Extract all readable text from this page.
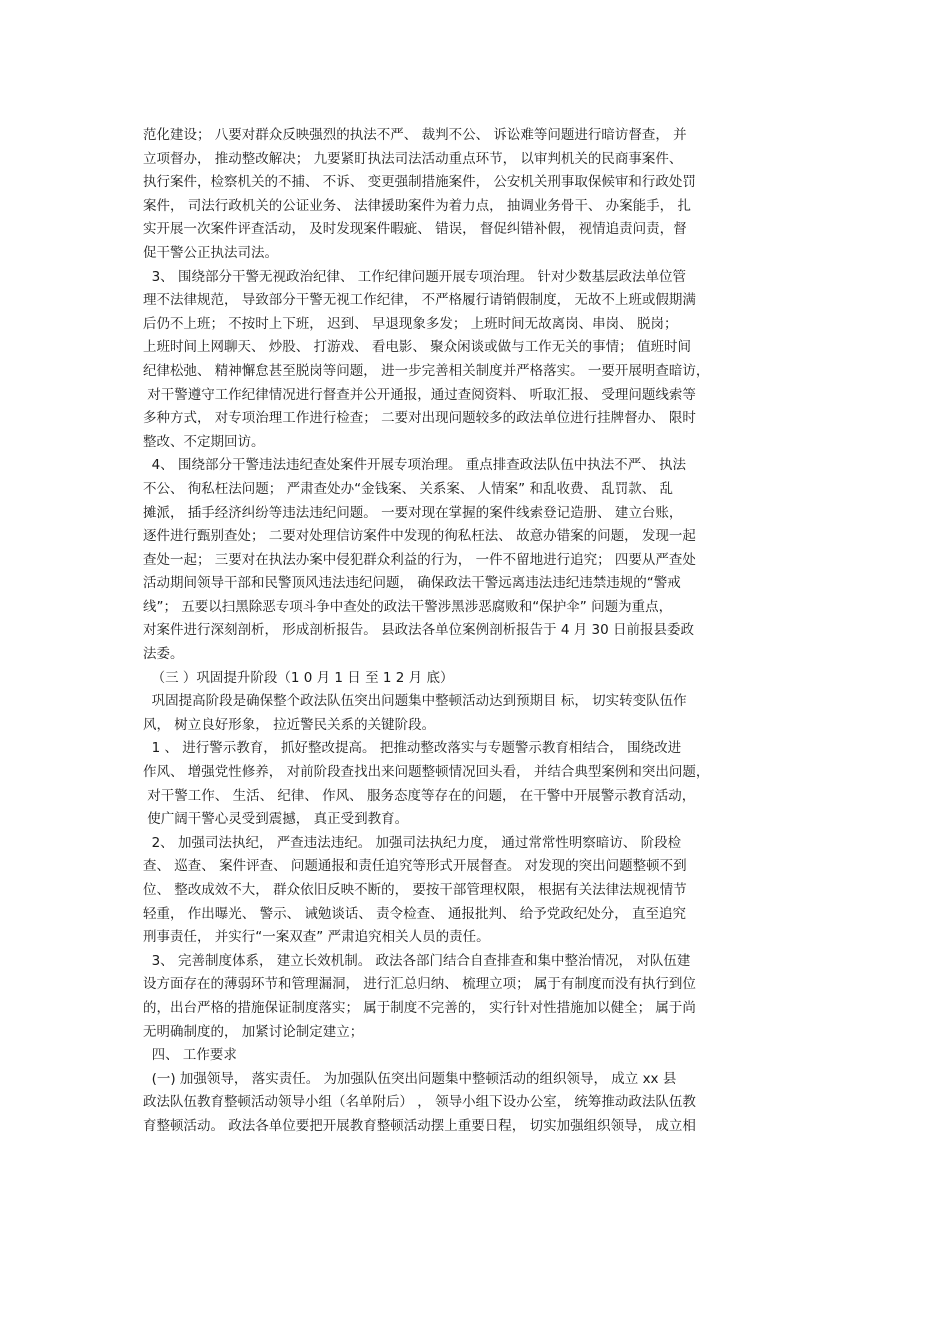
范化建设； 八要对群众反映强烈的执法不严、 裁判不公、 诉讼难等问题进行暗访督查， 并
立项督办， 推动整改解决； 九要紧盯执法司法活动重点环节， 以审判机关的民商事案件、
执行案件，检察机关的不捕、 不诉、 变更强制措施案件， 公安机关刑事取保候审和行政处罚
案件， 司法行政机关的公证业务、 法律援助案件为着力点， 抽调业务骨干、 办案能手， 扎
实开展一次案件评查活动， 及时发现案件暇疵、 错误， 督促纠错补假， 视情追责问责，督
促干警公正执法司法。
3、 围绕部分干警无视政治纪律、 工作纪律问题开展专项治理。 针对少数基层政法单位管
理不法律规范， 导致部分干警无视工作纪律， 不严格履行请销假制度， 无故不上班或假期满
后仍不上班； 不按时上下班， 迟到、 早退现象多发； 上班时间无故离岗、串岗、 脱岗；
上班时间上网聊天、 炒股、 打游戏、 看电影、 聚众闲谈或做与工作无关的事情； 值班时间
纪律松弛、 精神懈怠甚至脱岗等问题， 进一步完善相关制度并严格落实。 一要开展明查暗访，
对干警遵守工作纪律情况进行督查并公开通报，通过查阅资料、 听取汇报、 受理问题线索等
多种方式， 对专项治理工作进行检查； 二要对出现问题较多的政法单位进行挂牌督办、 限时
整改、不定期回访。
4、 围绕部分干警违法违纪查处案件开展专项治理。 重点排查政法队伍中执法不严、 执法
不公、 徇私枉法问题； 严肃查处办“金钱案、 关系案、 人情案” 和乱收费、 乱罚款、 乱
摊派， 插手经济纠纷等违法违纪问题。 一要对现在掌握的案件线索登记造册、 建立台账，
逐件进行甄别查处； 二要对处理信访案件中发现的徇私枉法、 故意办错案的问题， 发现一起
查处一起； 三要对在执法办案中侵犯群众利益的行为， 一件不留地进行追究； 四要从严查处
活动期间领导干部和民警顶风违法违纪问题， 确保政法干警远离违法违纪违禁违规的“警戒
线”； 五要以扫黑除恶专项斗争中查处的政法干警涉黑涉恶腐败和“保护伞” 问题为重点，
对案件进行深刻剖析， 形成剖析报告。 县政法各单位案例剖析报告于 4 月 30 日前报县委政
法委。
（三 ）巩固提升阶段（1 0 月 1 日 至 1 2 月 底）
巩固提高阶段是确保整个政法队伍突出问题集中整顿活动达到预期目 标， 切实转变队伍作
风， 树立良好形象， 拉近警民关系的关键阶段。
1 、 进行警示教育， 抓好整改提高。 把推动整改落实与专题警示教育相结合， 围绕改进
作风、 增强党性修养， 对前阶段查找出来问题整顿情况回头看， 并结合典型案例和突出问题，
对干警工作、 生活、 纪律、 作风、 服务态度等存在的问题， 在干警中开展警示教育活动，
使广阔干警心灵受到震撼， 真正受到教育。
2、 加强司法执纪， 严查违法违纪。 加强司法执纪力度， 通过常常性明察暗访、 阶段检
查、 巡查、 案件评查、 问题通报和责任追究等形式开展督查。 对发现的突出问题整顿不到
位、 整改成效不大， 群众依旧反映不断的， 要按干部管理权限， 根据有关法律法规视情节
轻重， 作出曝光、 警示、 诫勉谈话、 责令检查、 通报批判、 给予党政纪处分， 直至追究
刑事责任， 并实行“一案双查” 严肃追究相关人员的责任。
3、 完善制度体系， 建立长效机制。 政法各部门结合自查排查和集中整治情况， 对队伍建
设方面存在的薄弱环节和管理漏洞， 进行汇总归纳、 梳理立项； 属于有制度而没有执行到位
的，出台严格的措施保证制度落实； 属于制度不完善的， 实行针对性措施加以健全； 属于尚
无明确制度的， 加紧讨论制定建立；
四、 工作要求
(一) 加强领导， 落实责任。 为加强队伍突出问题集中整顿活动的组织领导， 成立 xx 县
政法队伍教育整顿活动领导小组（名单附后） ， 领导小组下设办公室， 统筹推动政法队伍教
育整顿活动。 政法各单位要把开展教育整顿活动摆上重要日程， 切实加强组织领导， 成立相
